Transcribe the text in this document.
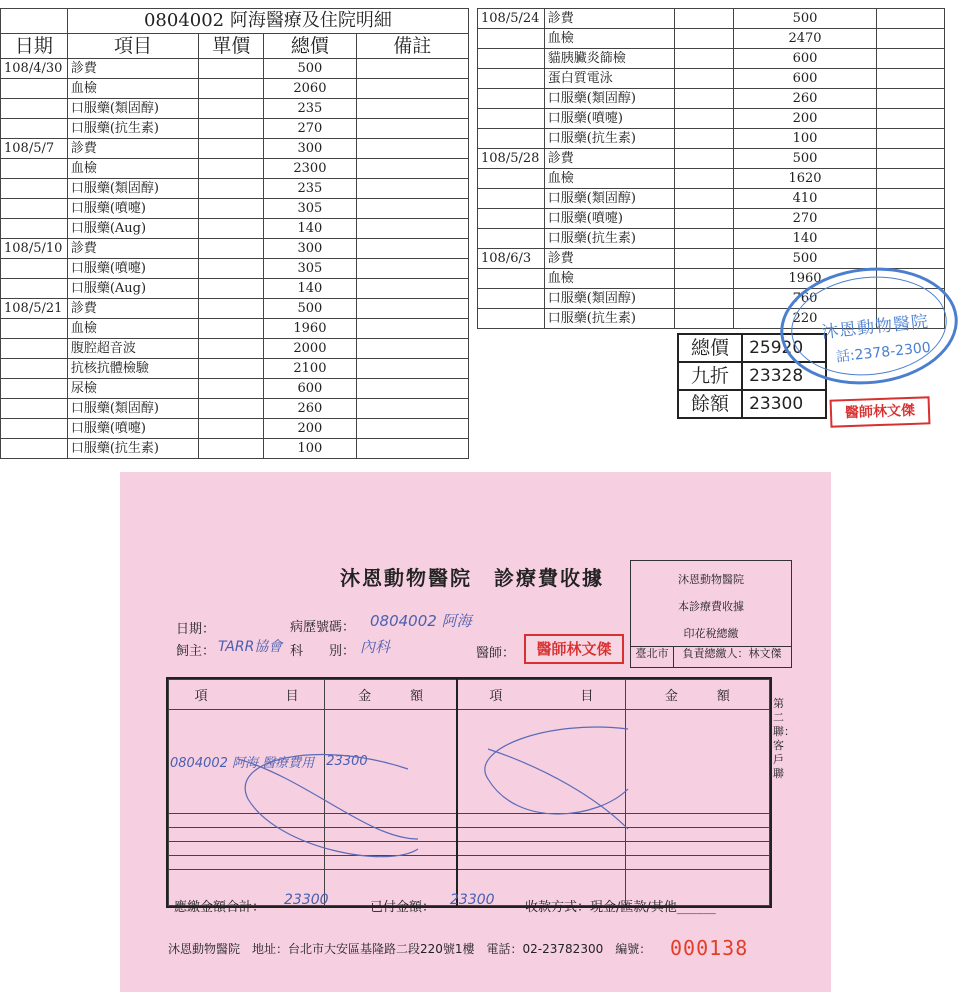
	0804002 阿海醫療及住院明細			
日期	項目	單價	總價	備註
108/4/30	診費		500	
	血檢		2060	
	口服藥(類固醇)		235	
	口服藥(抗生素)		270	
108/5/7	診費		300	
	血檢		2300	
	口服藥(類固醇)		235	
	口服藥(噴嚏)		305	
	口服藥(Aug)		140	
108/5/10	診費		300	
	口服藥(噴嚏)		305	
	口服藥(Aug)		140	
108/5/21	診費		500	
	血檢		1960	
	腹腔超音波		2000	
	抗核抗體檢驗		2100	
	尿檢		600	
	口服藥(類固醇)		260	
	口服藥(噴嚏)		200	
	口服藥(抗生素)		100	
108/5/24	診費		500	
	血檢		2470	
	貓胰臟炎篩檢		600	
	蛋白質電泳		600	
	口服藥(類固醇)		260	
	口服藥(噴嚏)		200	
	口服藥(抗生素)		100	
108/5/28	診費		500	
	血檢		1620	
	口服藥(類固醇)		410	
	口服藥(噴嚏)		270	
	口服藥(抗生素)		140	
108/6/3	診費		500	
	血檢		1960	
	口服藥(類固醇)		760	
	口服藥(抗生素)		220	
總價	25920
九折	23328
餘額	23300
沐恩動物醫院
話:2378-2300
醫師林文傑
沐恩動物醫院　診療費收據	沐恩動物醫院
本診療費收據
印花稅總繳
臺北市	負責總繳人：林文傑
日期：	病歷號碼： 0804002 阿海
飼主： TARR協會 科　　別： 內科	醫師：	醫師林文傑
項　　　　　　目	金　　　額	項　　　　　　目	金　　　額
0804002 阿海 醫療費用	23300		

第二聯：客戶聯
應繳金額合計： 23300	已付金額： 23300 收款方式：現金/匯款/其他______
沐恩動物醫院　地址：台北市大安區基隆路二段220號1樓　電話：02-23782300　編號： 000138
